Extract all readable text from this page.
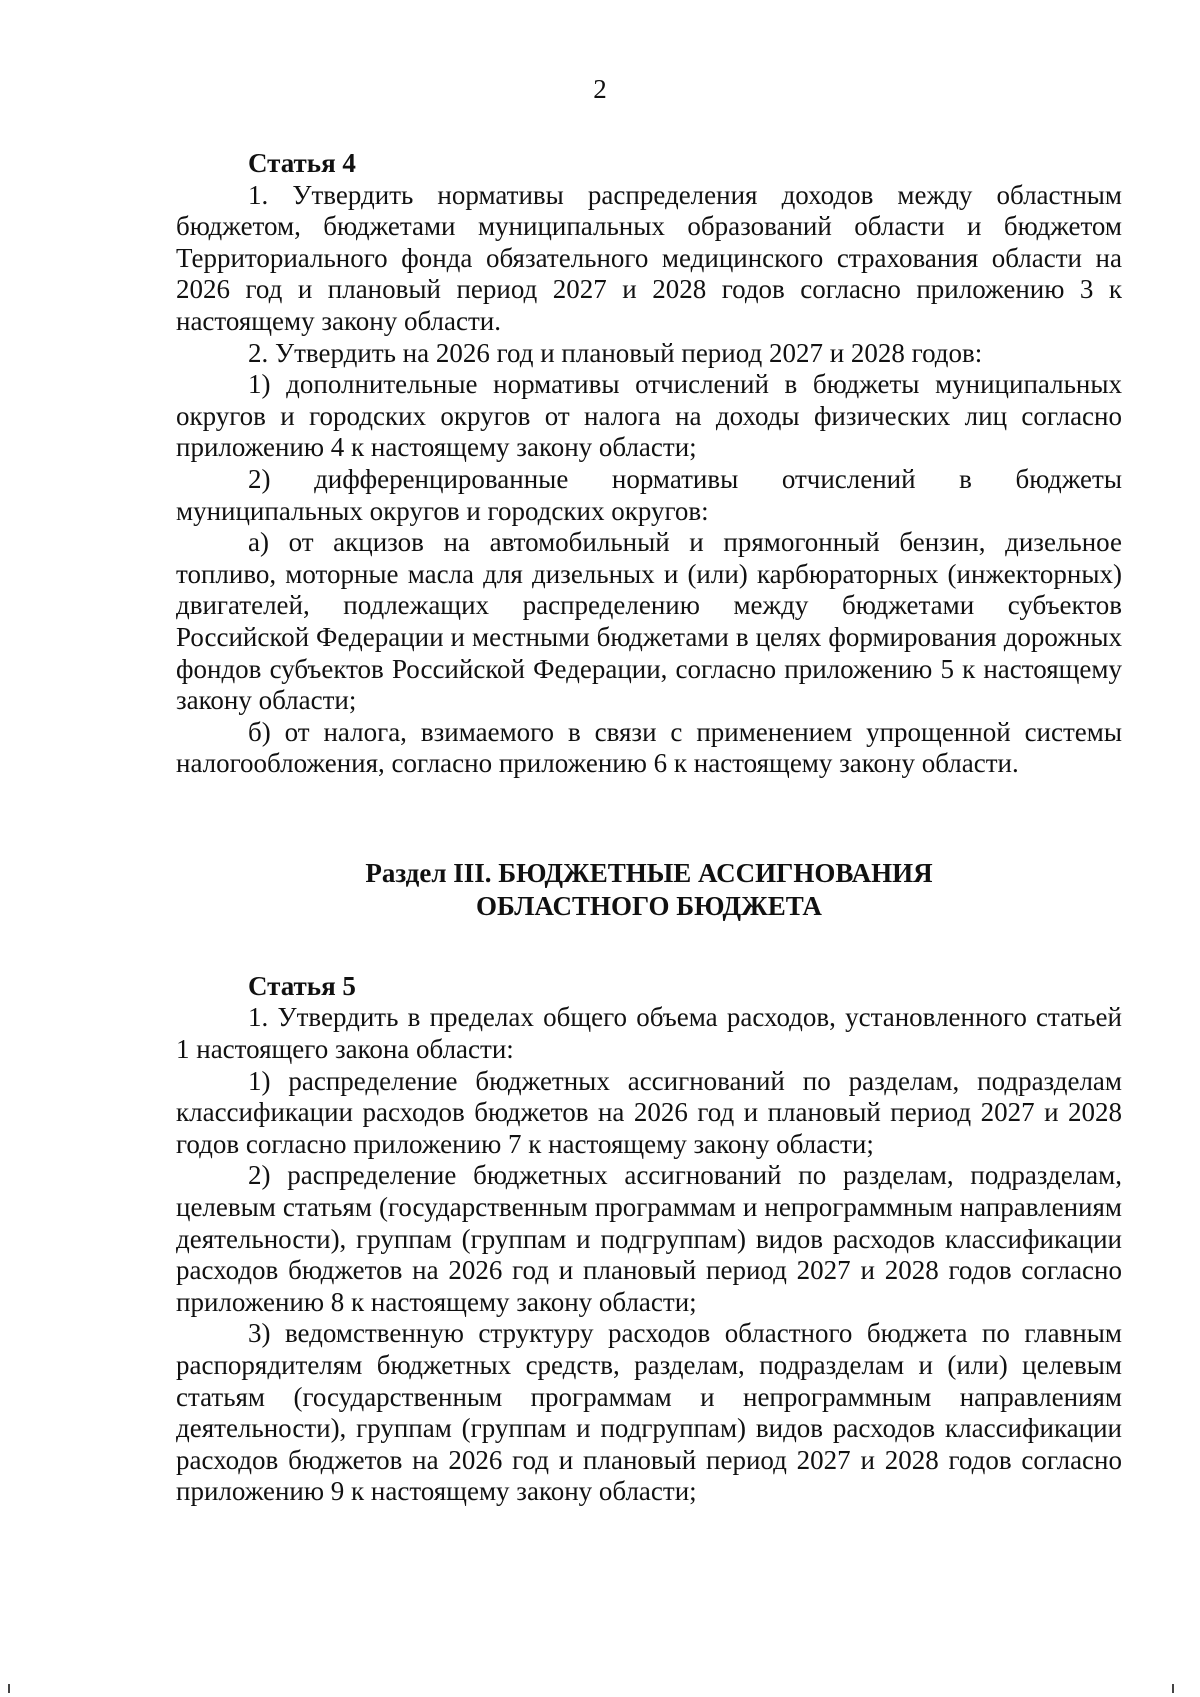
2
Статья 4

1. Утвердить нормативы распределения доходов между областным бюджетом, бюджетами муниципальных образований области и бюджетом Территориального фонда обязательного медицинского страхования области на 2026 год и плановый период 2027 и 2028 годов согласно приложению 3 к настоящему закону области.

2. Утвердить на 2026 год и плановый период 2027 и 2028 годов:

1) дополнительные нормативы отчислений в бюджеты муниципальных округов и городских округов от налога на доходы физических лиц согласно приложению 4 к настоящему закону области;

2) дифференцированные нормативы отчислений в бюджеты муниципальных округов и городских округов:

а) от акцизов на автомобильный и прямогонный бензин, дизельное топливо, моторные масла для дизельных и (или) карбюраторных (инжекторных) двигателей, подлежащих распределению между бюджетами субъектов Российской Федерации и местными бюджетами в целях формирования дорожных фондов субъектов Российской Федерации, согласно приложению 5 к настоящему закону области;

б) от налога, взимаемого в связи с применением упрощенной системы налогообложения, согласно приложению 6 к настоящему закону области.

Раздел III. БЮДЖЕТНЫЕ АССИГНОВАНИЯ
ОБЛАСТНОГО БЮДЖЕТА
Статья 5

1. Утвердить в пределах общего объема расходов, установленного статьей 1 настоящего закона области:

1) распределение бюджетных ассигнований по разделам, подразделам классификации расходов бюджетов на 2026 год и плановый период 2027 и 2028 годов согласно приложению 7 к настоящему закону области;

2) распределение бюджетных ассигнований по разделам, подразделам, целевым статьям (государственным программам и непрограммным направлениям деятельности), группам (группам и подгруппам) видов расходов классификации расходов бюджетов на 2026 год и плановый период 2027 и 2028 годов согласно приложению 8 к настоящему закону области;

3) ведомственную структуру расходов областного бюджета по главным распорядителям бюджетных средств, разделам, подразделам и (или) целевым статьям (государственным программам и непрограммным направлениям деятельности), группам (группам и подгруппам) видов расходов классификации расходов бюджетов на 2026 год и плановый период 2027 и 2028 годов согласно приложению 9 к настоящему закону области;
